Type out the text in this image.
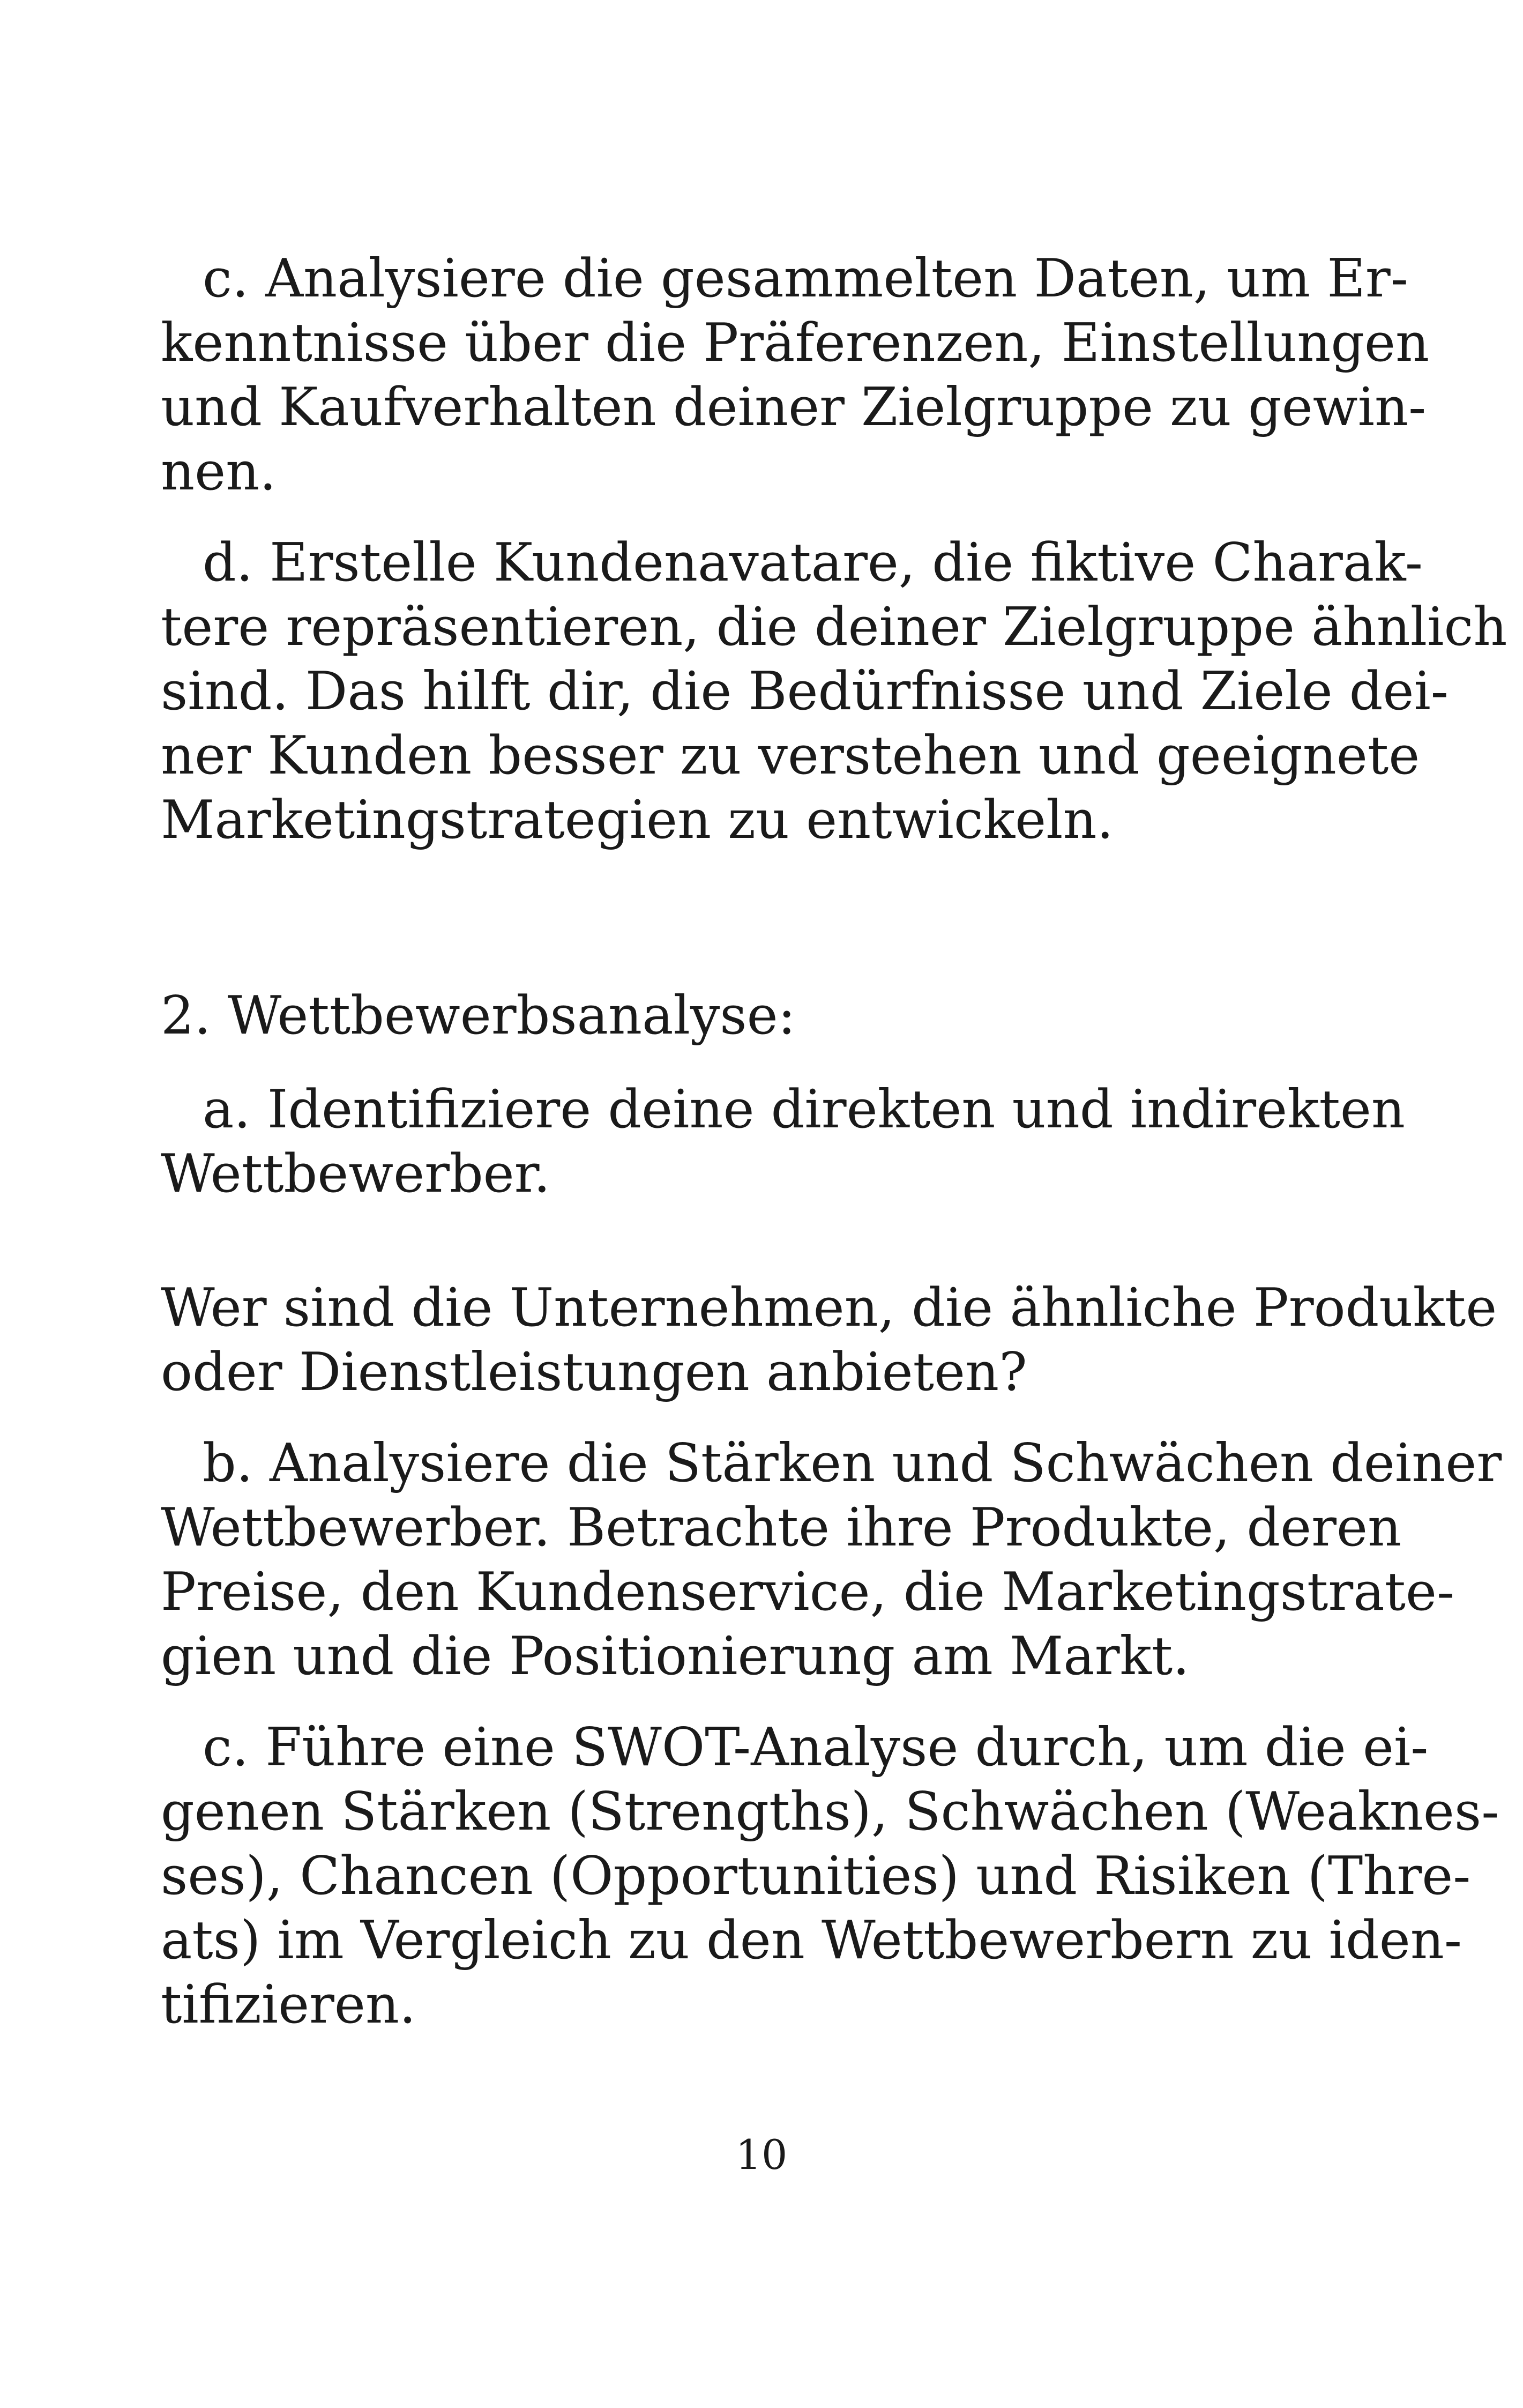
c. Analysiere die gesammelten Daten, um Er-
kenntnisse über die Präferenzen, Einstellungen
und Kaufverhalten deiner Zielgruppe zu gewin-
nen.
d. Erstelle Kundenavatare, die fiktive Charak-
tere repräsentieren, die deiner Zielgruppe ähnlich
sind. Das hilft dir, die Bedürfnisse und Ziele dei-
ner Kunden besser zu verstehen und geeignete
Marketingstrategien zu entwickeln.
2. Wettbewerbsanalyse:
a. Identifiziere deine direkten und indirekten
Wettbewerber.
Wer sind die Unternehmen, die ähnliche Produkte
oder Dienstleistungen anbieten?
b. Analysiere die Stärken und Schwächen deiner
Wettbewerber. Betrachte ihre Produkte, deren
Preise, den Kundenservice, die Marketingstrate-
gien und die Positionierung am Markt.
c. Führe eine SWOT-Analyse durch, um die ei-
genen Stärken (Strengths), Schwächen (Weaknes-
ses), Chancen (Opportunities) und Risiken (Thre-
ats) im Vergleich zu den Wettbewerbern zu iden-
tifizieren.
10
